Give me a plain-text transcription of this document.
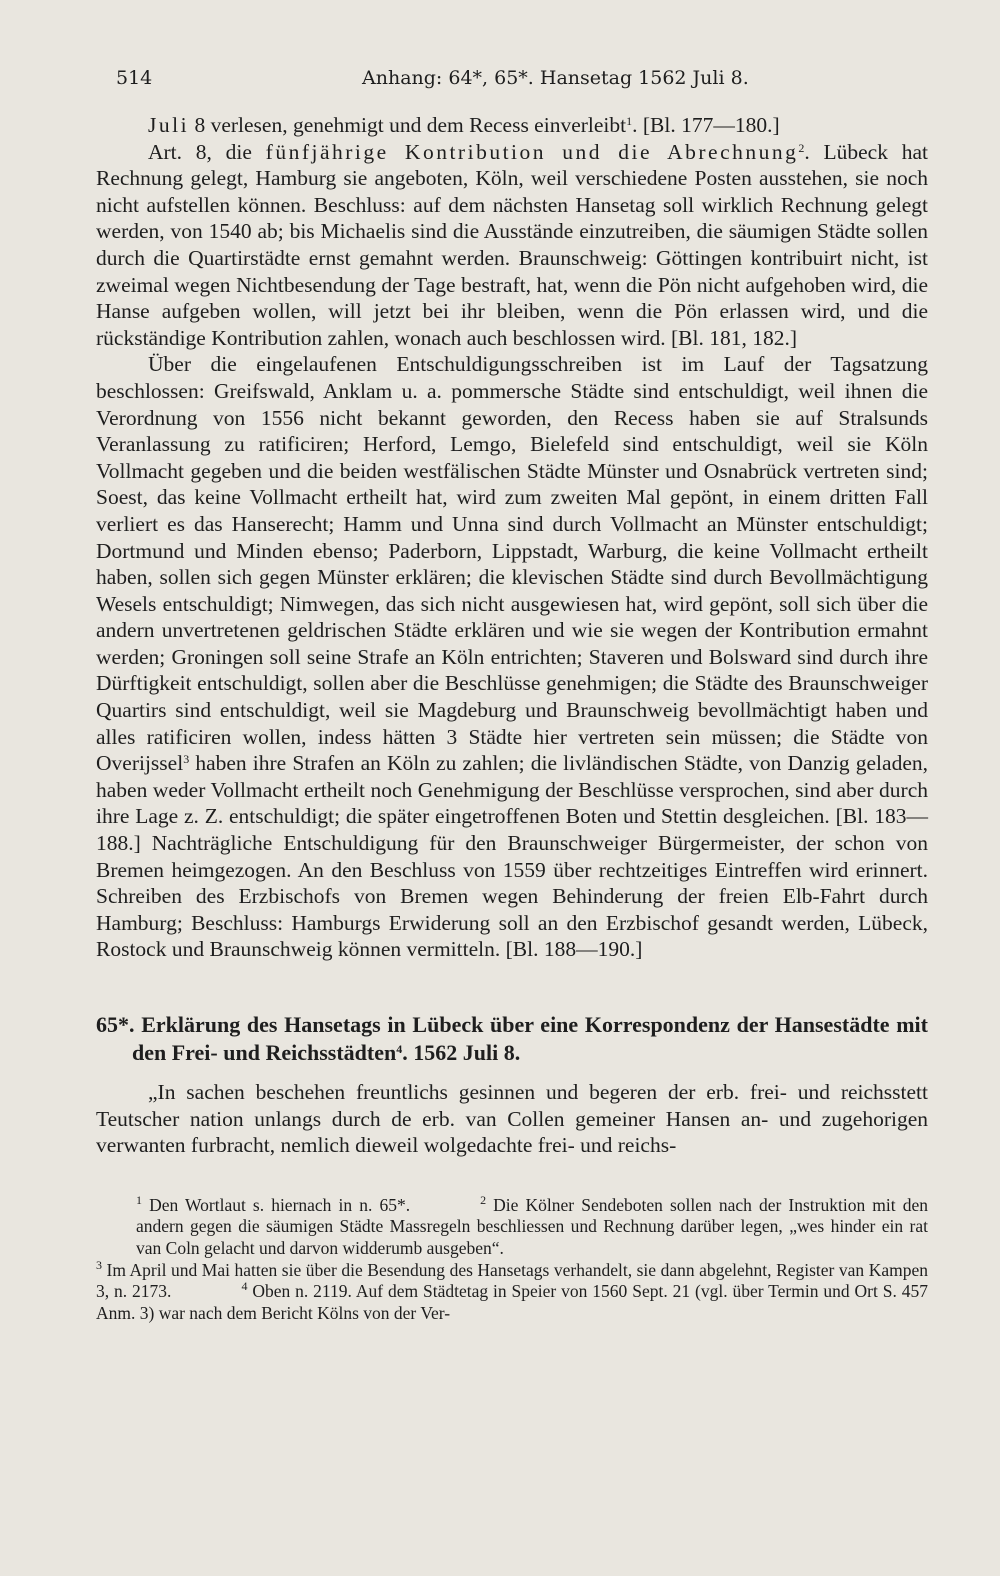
514	Anhang: 64*, 65*. Hansetag 1562 Juli 8.

Juli 8 verlesen, genehmigt und dem Recess einverleibt$^1$. [Bl. 177—180.]

Art. 8, die fünfjährige Kontribution und die Abrechnung$^2$. Lübeck hat Rechnung gelegt, Hamburg sie angeboten, Köln, weil verschiedene Posten ausstehen, sie noch nicht aufstellen können. Beschluss: auf dem nächsten Hansetag soll wirklich Rechnung gelegt werden, von 1540 ab; bis Michaelis sind die Ausstände einzutreiben, die säumigen Städte sollen durch die Quartirstädte ernst gemahnt werden. Braunschweig: Göttingen kontribuirt nicht, ist zweimal wegen Nichtbesendung der Tage bestraft, hat, wenn die Pön nicht aufgehoben wird, die Hanse aufgeben wollen, will jetzt bei ihr bleiben, wenn die Pön erlassen wird, und die rückständige Kontribution zahlen, wonach auch beschlossen wird. [Bl. 181, 182.]

Über die eingelaufenen Entschuldigungsschreiben ist im Lauf der Tagsatzung beschlossen: Greifswald, Anklam u. a. pommersche Städte sind entschuldigt, weil ihnen die Verordnung von 1556 nicht bekannt geworden, den Recess haben sie auf Stralsunds Veranlassung zu ratificiren; Herford, Lemgo, Bielefeld sind entschuldigt, weil sie Köln Vollmacht gegeben und die beiden westfälischen Städte Münster und Osnabrück vertreten sind; Soest, das keine Vollmacht ertheilt hat, wird zum zweiten Mal gepönt, in einem dritten Fall verliert es das Hanserecht; Hamm und Unna sind durch Vollmacht an Münster entschuldigt; Dortmund und Minden ebenso; Paderborn, Lippstadt, Warburg, die keine Vollmacht ertheilt haben, sollen sich gegen Münster erklären; die klevischen Städte sind durch Bevollmächtigung Wesels entschuldigt; Nimwegen, das sich nicht ausgewiesen hat, wird gepönt, soll sich über die andern unvertretenen geldrischen Städte erklären und wie sie wegen der Kontribution ermahnt werden; Groningen soll seine Strafe an Köln entrichten; Staveren und Bolsward sind durch ihre Dürftigkeit entschuldigt, sollen aber die Beschlüsse genehmigen; die Städte des Braunschweiger Quartirs sind entschuldigt, weil sie Magdeburg und Braunschweig bevollmächtigt haben und alles ratificiren wollen, indess hätten 3 Städte hier vertreten sein müssen; die Städte von Overijssel$^3$ haben ihre Strafen an Köln zu zahlen; die livländischen Städte, von Danzig geladen, haben weder Vollmacht ertheilt noch Genehmigung der Beschlüsse versprochen, sind aber durch ihre Lage z. Z. entschuldigt; die später eingetroffenen Boten und Stettin desgleichen. [Bl. 183—188.] Nachträgliche Entschuldigung für den Braunschweiger Bürgermeister, der schon von Bremen heimgezogen. An den Beschluss von 1559 über rechtzeitiges Eintreffen wird erinnert. Schreiben des Erzbischofs von Bremen wegen Behinderung der freien Elb-Fahrt durch Hamburg; Beschluss: Hamburgs Erwiderung soll an den Erzbischof gesandt werden, Lübeck, Rostock und Braunschweig können vermitteln. [Bl. 188—190.]

65*. Erklärung des Hansetags in Lübeck über eine Korrespondenz der Hansestädte mit den Frei- und Reichsstädten$^4$. 1562 Juli 8.

„In sachen beschehen freuntlichs gesinnen und begeren der erb. frei- und reichsstett Teutscher nation unlangs durch de erb. van Collen gemeiner Hansen an- und zugehorigen verwanten furbracht, nemlich dieweil wolgedachte frei- und reichs-

$^1$ Den Wortlaut s. hiernach in n. 65*.	$^2$ Die Kölner Sendeboten sollen nach der Instruktion mit den andern gegen die säumigen Städte Massregeln beschliessen und Rechnung darüber legen, „wes hinder ein rat van Coln gelacht und darvon widderumb ausgeben“.

$^3$ Im April und Mai hatten sie über die Besendung des Hansetags verhandelt, sie dann abgelehnt, Register van Kampen 3, n. 2173.	$^4$ Oben n. 2119. Auf dem Städtetag in Speier von 1560 Sept. 21 (vgl. über Termin und Ort S. 457 Anm. 3) war nach dem Bericht Kölns von der Ver-
